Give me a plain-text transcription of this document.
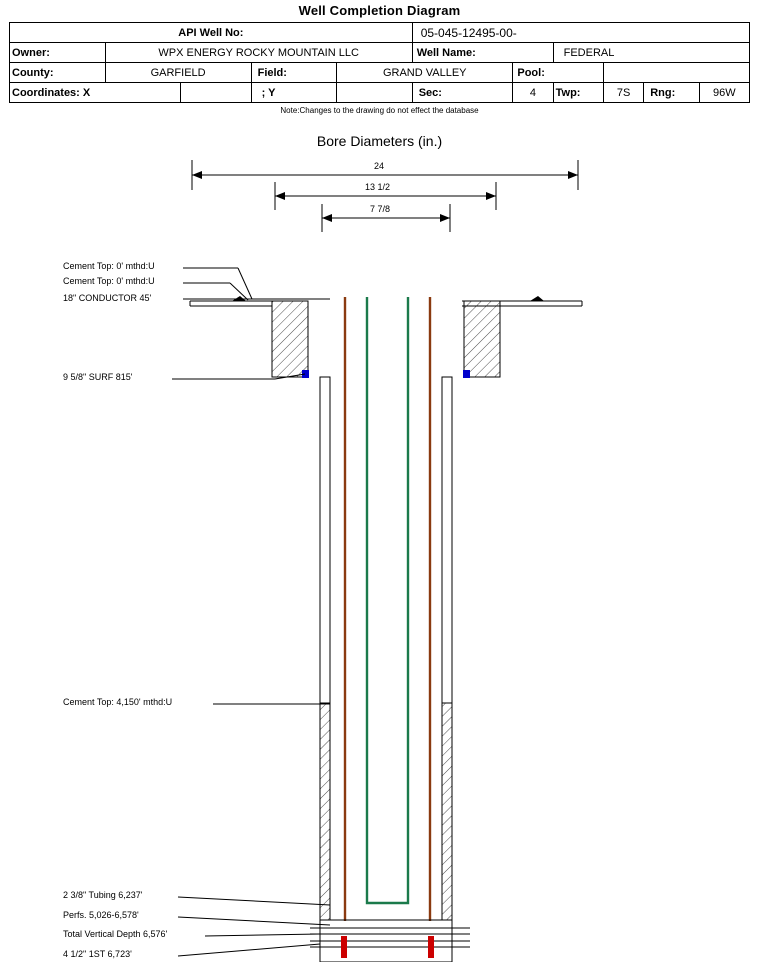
Well Completion Diagram
API Well No:					05-045-12495-00-					
Owner:	WPX ENERGY ROCKY MOUNTAIN LLC				Well Name:		FEDERAL			
County:	GARFIELD		Field:	GRAND VALLEY		Pool:				
Coordinates: X			; Y		Sec:	4	Twp:	7S	Rng:	96W
Note:Changes to the drawing do not effect the database
Bore Diameters (in.)
24
13 1/2
7 7/8
Cement Top: 0' mthd:U
Cement Top: 0' mthd:U
18" CONDUCTOR 45'
9 5/8" SURF 815'
Cement Top: 4,150' mthd:U
2 3/8" Tubing 6,237'
Perfs. 5,026-6,578'
Total Vertical Depth 6,576'
4 1/2" 1ST 6,723'
